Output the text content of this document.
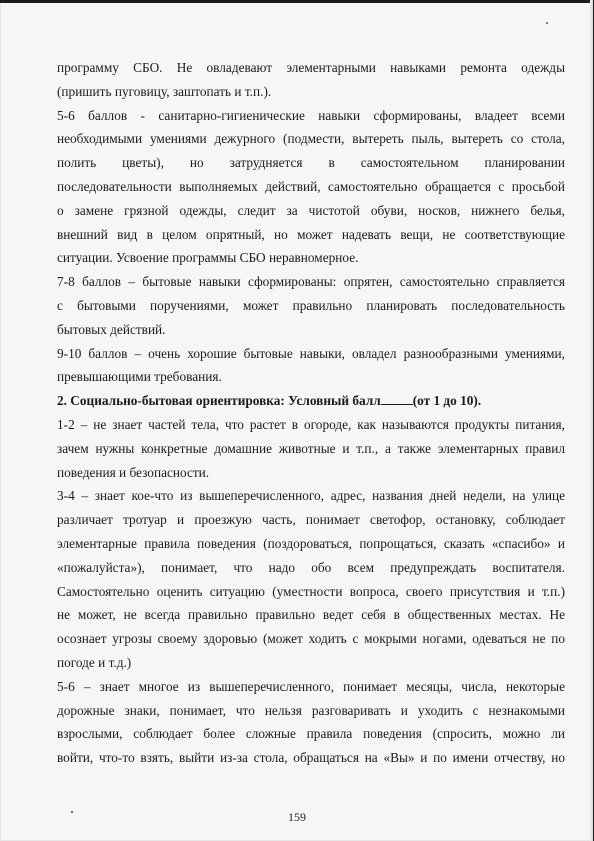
программу СБО. Не овладевают элементарными навыками ремонта одежды
(пришить пуговицу, заштопать и т.п.).
5-6 баллов - санитарно-гигиенические навыки сформированы, владеет всеми
необходимыми умениями дежурного (подмести, вытереть пыль, вытереть со стола,
полить цветы), но затрудняется в самостоятельном планировании
последовательности выполняемых действий, самостоятельно обращается с просьбой
о замене грязной одежды, следит за чистотой обуви, носков, нижнего белья,
внешний вид в целом опрятный, но может надевать вещи, не соответствующие
ситуации. Усвоение программы СБО неравномерное.
7-8 баллов – бытовые навыки сформированы: опрятен, самостоятельно справляется
с бытовыми поручениями, может правильно планировать последовательность
бытовых действий.
9-10 баллов – очень хорошие бытовые навыки, овладел разнообразными умениями,
превышающими требования.
2. Социально-бытовая ориентировка: Условный балл (от 1 до 10).
1-2 – не знает частей тела, что растет в огороде, как называются продукты питания,
зачем нужны конкретные домашние животные и т.п., а также элементарных правил
поведения и безопасности.
3-4 – знает кое-что из вышеперечисленного, адрес, названия дней недели, на улице
различает тротуар и проезжую часть, понимает светофор, остановку, соблюдает
элементарные правила поведения (поздороваться, попрощаться, сказать «спасибо» и
«пожалуйста»), понимает, что надо обо всем предупреждать воспитателя.
Самостоятельно оценить ситуацию (уместности вопроса, своего присутствия и т.п.)
не может, не всегда правильно правильно ведет себя в общественных местах. Не
осознает угрозы своему здоровью (может ходить с мокрыми ногами, одеваться не по
погоде и т.д.)
5-6 – знает многое из вышеперечисленного, понимает месяцы, числа, некоторые
дорожные знаки, понимает, что нельзя разговаривать и уходить с незнакомыми
взрослыми, соблюдает более сложные правила поведения (спросить, можно ли
войти, что-то взять, выйти из-за стола, обращаться на «Вы» и по имени отчеству, но
159
